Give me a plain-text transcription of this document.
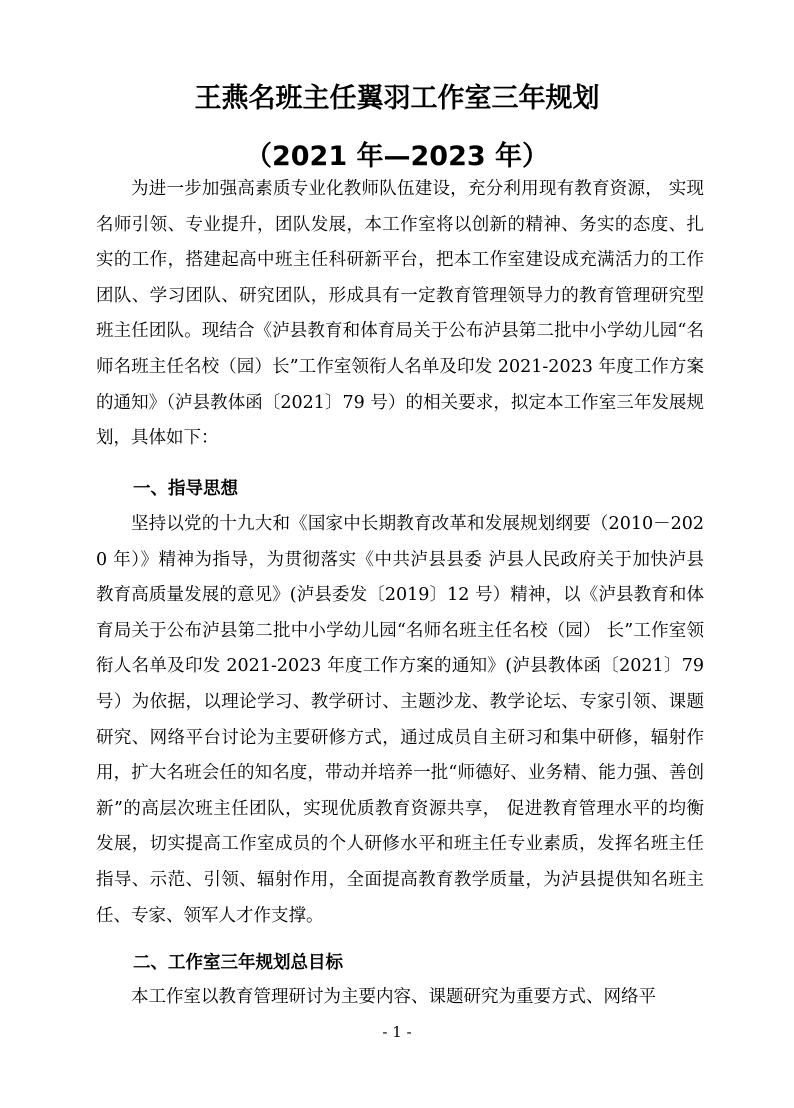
王燕名班主任翼羽工作室三年规划
（2021 年—2023 年）

为进一步加强高素质专业化教师队伍建设，充分利用现有教育资源， 实现名师引领、专业提升，团队发展，本工作室将以创新的精神、务实的态度、扎实的工作，搭建起高中班主任科研新平台，把本工作室建设成充满活力的工作团队、学习团队、研究团队，形成具有一定教育管理领导力的教育管理研究型班主任团队。现结合《泸县教育和体育局关于公布泸县第二批中小学幼儿园“名师名班主任名校（园）长”工作室领衔人名单及印发 2021-2023 年度工作方案的通知》（泸县教体函〔2021〕79 号）的相关要求，拟定本工作室三年发展规划，具体如下：

一、指导思想

坚持以党的十九大和《国家中长期教育改革和发展规划纲要（2010－2020 年）》精神为指导，为贯彻落实《中共泸县县委 泸县人民政府关于加快泸县教育高质量发展的意见》(泸县委发〔2019〕12 号）精神，以《泸县教育和体育局关于公布泸县第二批中小学幼儿园“名师名班主任名校（园） 长”工作室领衔人名单及印发 2021-2023 年度工作方案的通知》(泸县教体函〔2021〕79 号）为依据，以理论学习、教学研讨、主题沙龙、教学论坛、专家引领、课题研究、网络平台讨论为主要研修方式，通过成员自主研习和集中研修，辐射作用，扩大名班会任的知名度，带动并培养一批“师德好、业务精、能力强、善创新”的高层次班主任团队，实现优质教育资源共享， 促进教育管理水平的均衡发展，切实提高工作室成员的个人研修水平和班主任专业素质，发挥名班主任指导、示范、引领、辐射作用，全面提高教育教学质量，为泸县提供知名班主任、专家、领军人才作支撑。

二、工作室三年规划总目标

本工作室以教育管理研讨为主要内容、课题研究为重要方式、网络平

- 1 -
